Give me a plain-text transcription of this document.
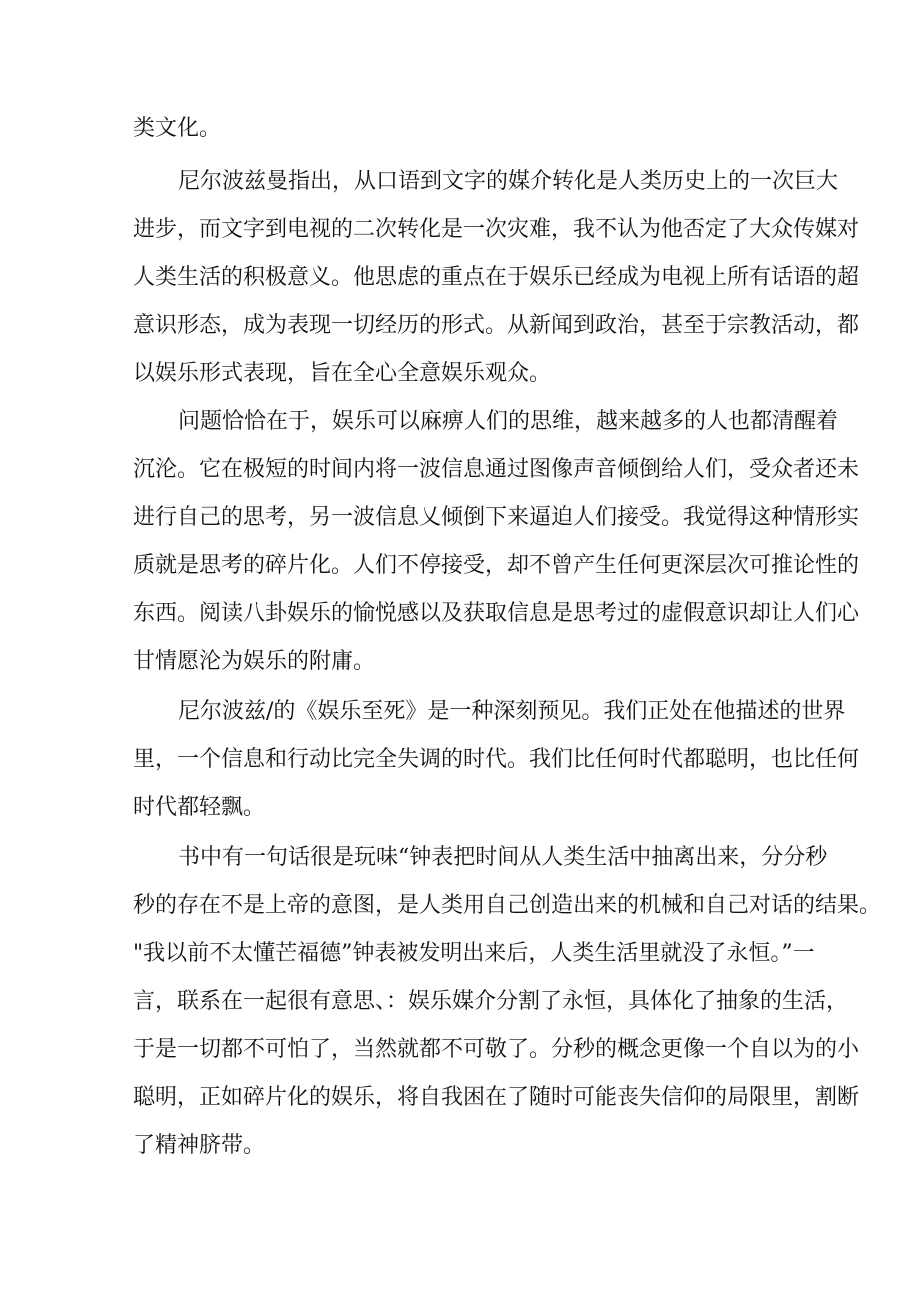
类文化。
尼尔波兹曼指出，从口语到文字的媒介转化是人类历史上的一次巨大
进步，而文字到电视的二次转化是一次灾难，我不认为他否定了大众传媒对
人类生活的积极意义。他思虑的重点在于娱乐已经成为电视上所有话语的超
意识形态，成为表现一切经历的形式。从新闻到政治，甚至于宗教活动，都
以娱乐形式表现，旨在全心全意娱乐观众。
问题恰恰在于，娱乐可以麻痹人们的思维，越来越多的人也都清醒着
沉沦。它在极短的时间内将一波信息通过图像声音倾倒给人们，受众者还未
进行自己的思考，另一波信息乂倾倒下来逼迫人们接受。我觉得这种情形实
质就是思考的碎片化。人们不停接受，却不曾产生任何更深层次可推论性的
东西。阅读八卦娱乐的愉悦感以及获取信息是思考过的虚假意识却让人们心
甘情愿沦为娱乐的附庸。
尼尔波兹/的《娱乐至死》是一种深刻预见。我们正处在他描述的世界
里，一个信息和行动比完全失调的时代。我们比任何时代都聪明，也比任何
时代都轻飘。
书中有一句话很是玩味“钟表把时间从人类生活中抽离出来，分分秒
秒的存在不是上帝的意图，是人类用自己创造出来的机械和自己对话的结果。
"我以前不太懂芒福德”钟表被发明出来后，人类生活里就没了永恒。”一
言，联系在一起很有意思、：娱乐媒介分割了永恒，具体化了抽象的生活，
于是一切都不可怕了，当然就都不可敬了。分秒的概念更像一个自以为的小
聪明，正如碎片化的娱乐，将自我困在了随时可能丧失信仰的局限里，割断
了精神脐带。
